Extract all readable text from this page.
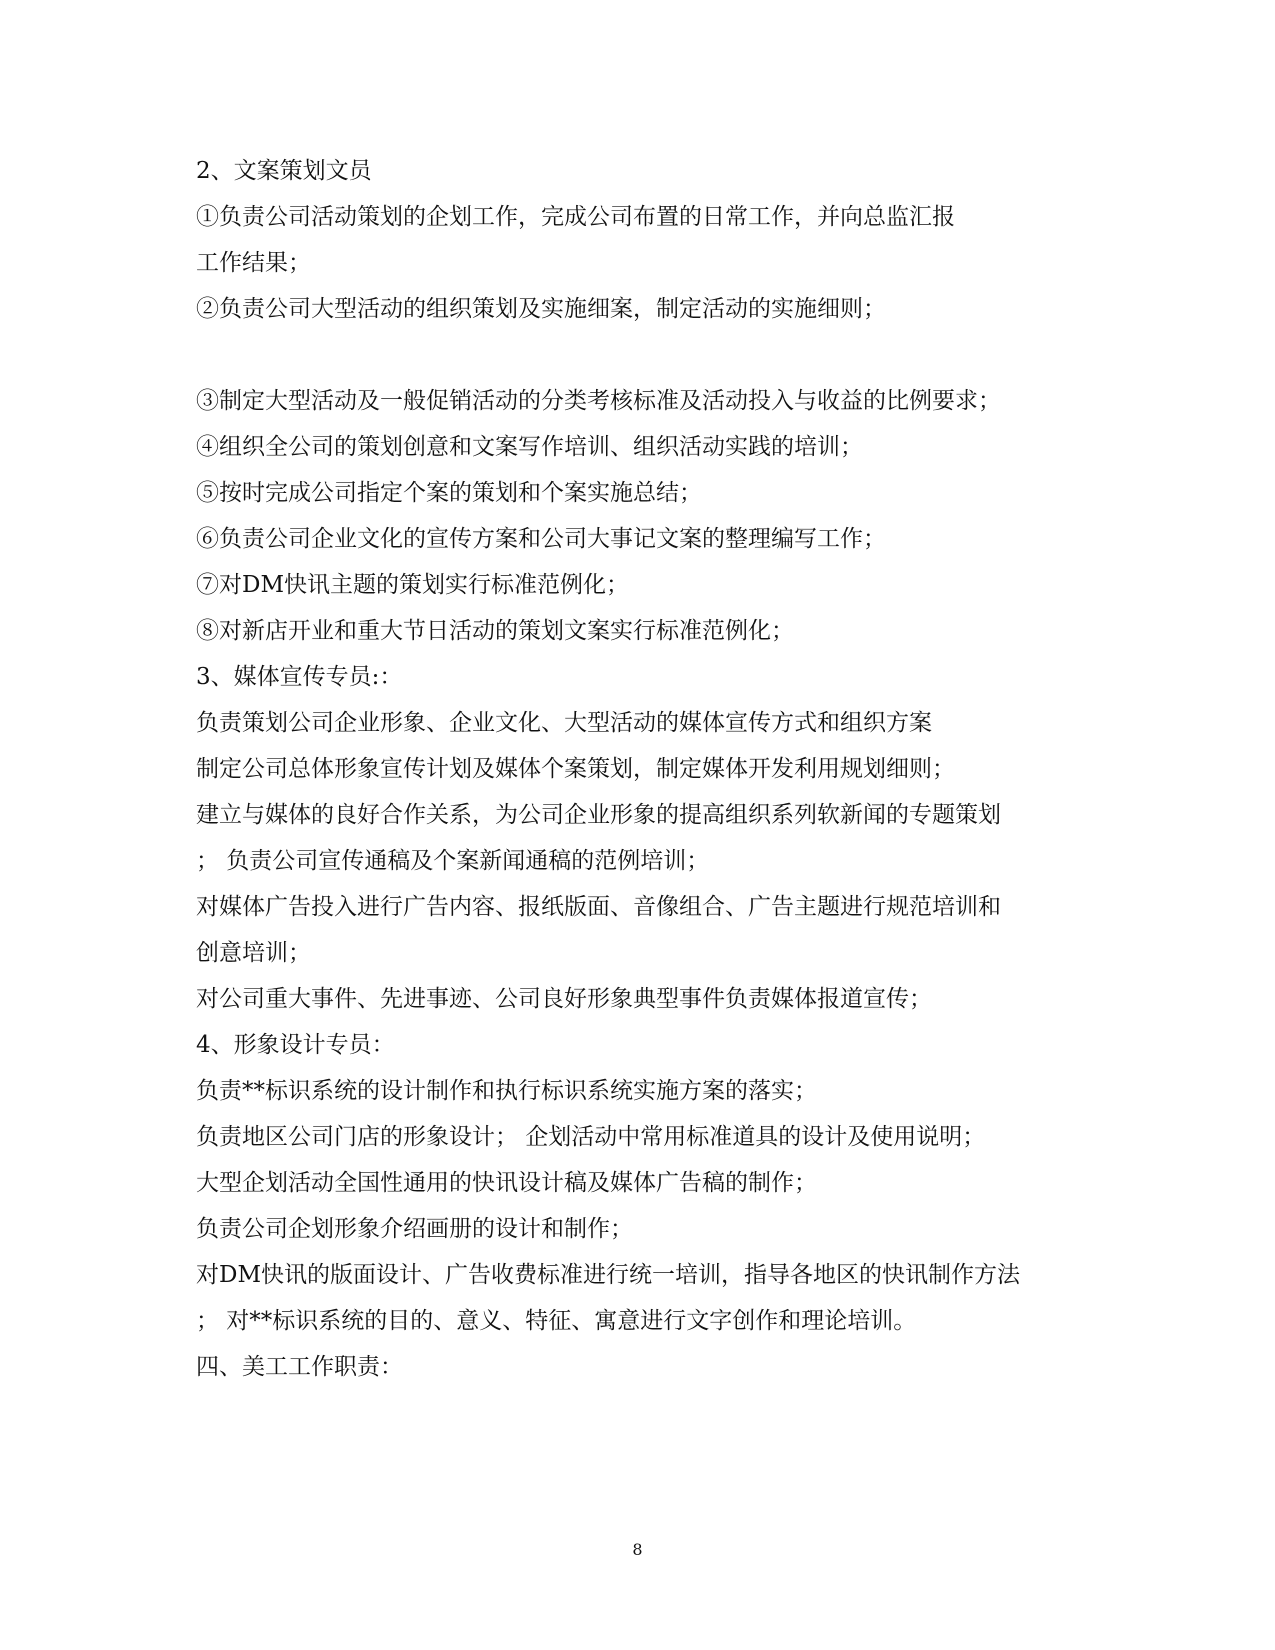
2、文案策划文员
①负责公司活动策划的企划工作，完成公司布置的日常工作，并向总监汇报
工作结果；
②负责公司大型活动的组织策划及实施细案，制定活动的实施细则；
③制定大型活动及一般促销活动的分类考核标准及活动投入与收益的比例要求；
④组织全公司的策划创意和文案写作培训、组织活动实践的培训；
⑤按时完成公司指定个案的策划和个案实施总结；
⑥负责公司企业文化的宣传方案和公司大事记文案的整理编写工作；
⑦对DM快讯主题的策划实行标准范例化；
⑧对新店开业和重大节日活动的策划文案实行标准范例化；
3、媒体宣传专员:：
负责策划公司企业形象、企业文化、大型活动的媒体宣传方式和组织方案
制定公司总体形象宣传计划及媒体个案策划，制定媒体开发利用规划细则；
建立与媒体的良好合作关系，为公司企业形象的提高组织系列软新闻的专题策划
； 负责公司宣传通稿及个案新闻通稿的范例培训；
对媒体广告投入进行广告内容、报纸版面、音像组合、广告主题进行规范培训和
创意培训；
对公司重大事件、先进事迹、公司良好形象典型事件负责媒体报道宣传；
4、形象设计专员：
负责**标识系统的设计制作和执行标识系统实施方案的落实；
负责地区公司门店的形象设计； 企划活动中常用标准道具的设计及使用说明；
大型企划活动全国性通用的快讯设计稿及媒体广告稿的制作；
负责公司企划形象介绍画册的设计和制作；
对DM快讯的版面设计、广告收费标准进行统一培训，指导各地区的快讯制作方法
； 对**标识系统的目的、意义、特征、寓意进行文字创作和理论培训。
四、美工工作职责：
8
